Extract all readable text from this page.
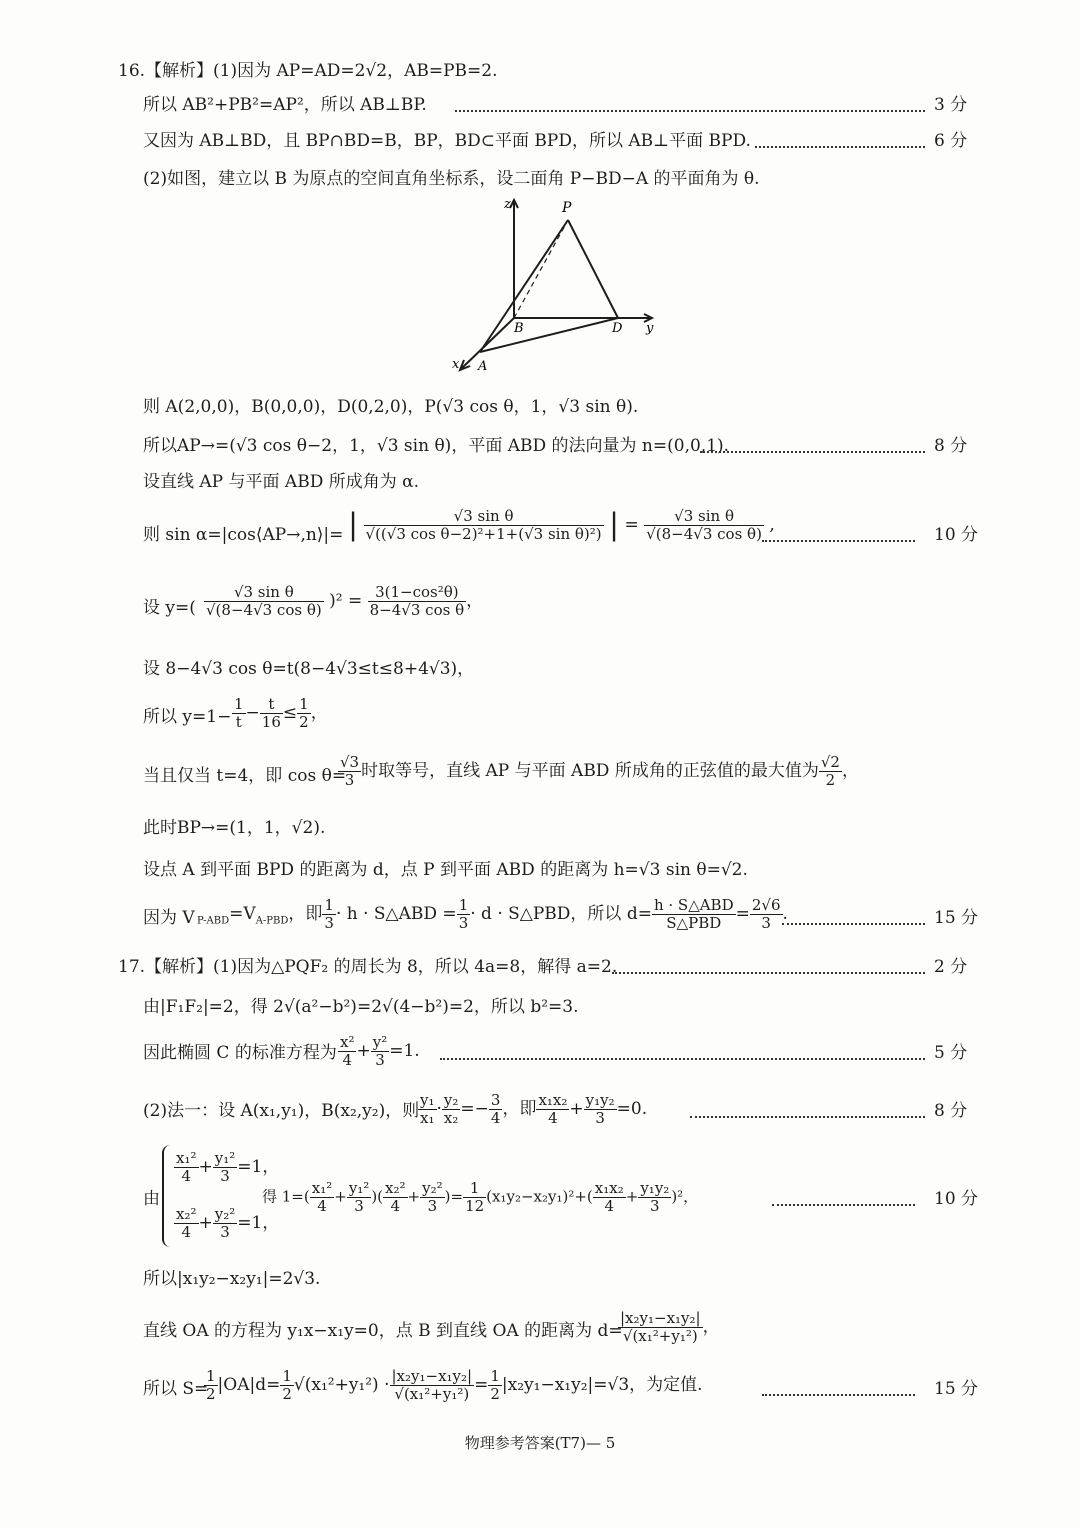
z	P
B	D y
x A
16.【解析】(1)因为 AP=AD=2√2，AB=PB=2.
所以 AB²+PB²=AP²，所以 AB⊥BP.	3 分
又因为 AB⊥BD，且 BP∩BD=B，BP，BD⊂平面 BPD，所以 AB⊥平面 BPD.	6 分
(2)如图，建立以 B 为原点的空间直角坐标系，设二面角 P−BD−A 的平面角为 θ.
则 A(2,0,0)，B(0,0,0)，D(0,2,0)，P(√3 cos θ，1，√3 sin θ).
所以AP→=(√3 cos θ−2，1，√3 sin θ)，平面 ABD 的法向量为 n=(0,0,1).	8 分
设直线 AP 与平面 ABD 所成角为 α.
则 sin α=|cos⟨AP→,n⟩|=	10 分
设 y=(
设 8−4√3 cos θ=t(8−4√3≤t≤8+4√3)，
所以 y=1−
当且仅当 t=4，即 cos θ=
此时BP→=(1，1，√2).
设点 A 到平面 BPD 的距离为 d，点 P 到平面 ABD 的距离为 h=√3 sin θ=√2.
因为 V	15 分
17.【解析】(1)因为△PQF₂ 的周长为 8，所以 4a=8，解得 a=2.	2 分
由|F₁F₂|=2，得 2√(a²−b²)=2√(4−b²)=2，所以 b²=3.
因此椭圆 C 的标准方程为	5 分
(2)法一：设 A(x₁,y₁)，B(x₂,y₂)，则	8 分
由	10 分
所以|x₁y₂−x₂y₁|=2√3.
直线 OA 的方程为 y₁x−x₁y=0，点 B 到直线 OA 的距离为 d=
所以 S=	15 分
| $\frac{\text{√3 sin θ}}{\text{√((√3 cos θ−2)²+1+(√3 sin θ)²)}}$ | = $\frac{\text{√3 sin θ}}{\text{√(8−4√3 cos θ)}}$ ,
$\frac{\text{√3 sin θ}}{\text{√(8−4√3 cos θ)}} )^2 = \frac{\text{3(1−cos²θ)}}{\text{8−4√3 cos θ}}$ ，
$\frac{1}{t} - \frac{t}{16} \le \frac{1}{2}$ ，
$\frac{√3}{3}$ 时取等号，直线 AP 与平面 ABD 所成角的正弦值的最大值为 $\frac{√2}{2}$ ，
$_{P-ABD}=V_{A-PBD}$，即 $\frac{1}{3} \cdot h$ · S△ABD = $\frac{1}{3} \cdot d$ · S△PBD，所以 $d= \frac{\text{h · S△ABD}}{\text{S△PBD}} = \frac{2√6}{3}$ .
$\frac{\text{x²}}{4} + \frac{\text{y²}}{3} =1$.
$\frac{\text{y₁}}{\text{x₁}} \cdot \frac{\text{y₂}}{\text{x₂}} =- \frac{3}{4}$ ，即 $\frac{\text{x₁x₂}}{4} + \frac{\text{y₁y₂}}{3} =0$.
$\frac{\text{x₁²}}{4} + \frac{\text{y₁²}}{3} =1$，
$\frac{\text{x₂²}}{4} + \frac{\text{y₂²}}{3} =1$，
得 $1=( \frac{\text{x₁²}}{4} + \frac{\text{y₁²}}{3}$ )( $\frac{\text{x₂²}}{4} + \frac{\text{y₂²}}{3}$ )= $\frac{1}{12} (x_1y_2-x_2y_1)^2+( \frac{\text{x₁x₂}}{4} + \frac{\text{y₁y₂}}{3} )^2$，
$\frac{\text{|x₂y₁−x₁y₂|}}{\text{√(x₁²+y₁²)}}$ ，
$\frac{1}{2} |OA|d= \frac{1}{2} √(x_1^2+y_1^2) \cdot \frac{\text{|x₂y₁−x₁y₂|}}{\text{√(x₁²+y₁²)}} = \frac{1}{2} |x_2y_1-x_1y_2|=√3$，为定值.
物理参考答案(T7)— 5
